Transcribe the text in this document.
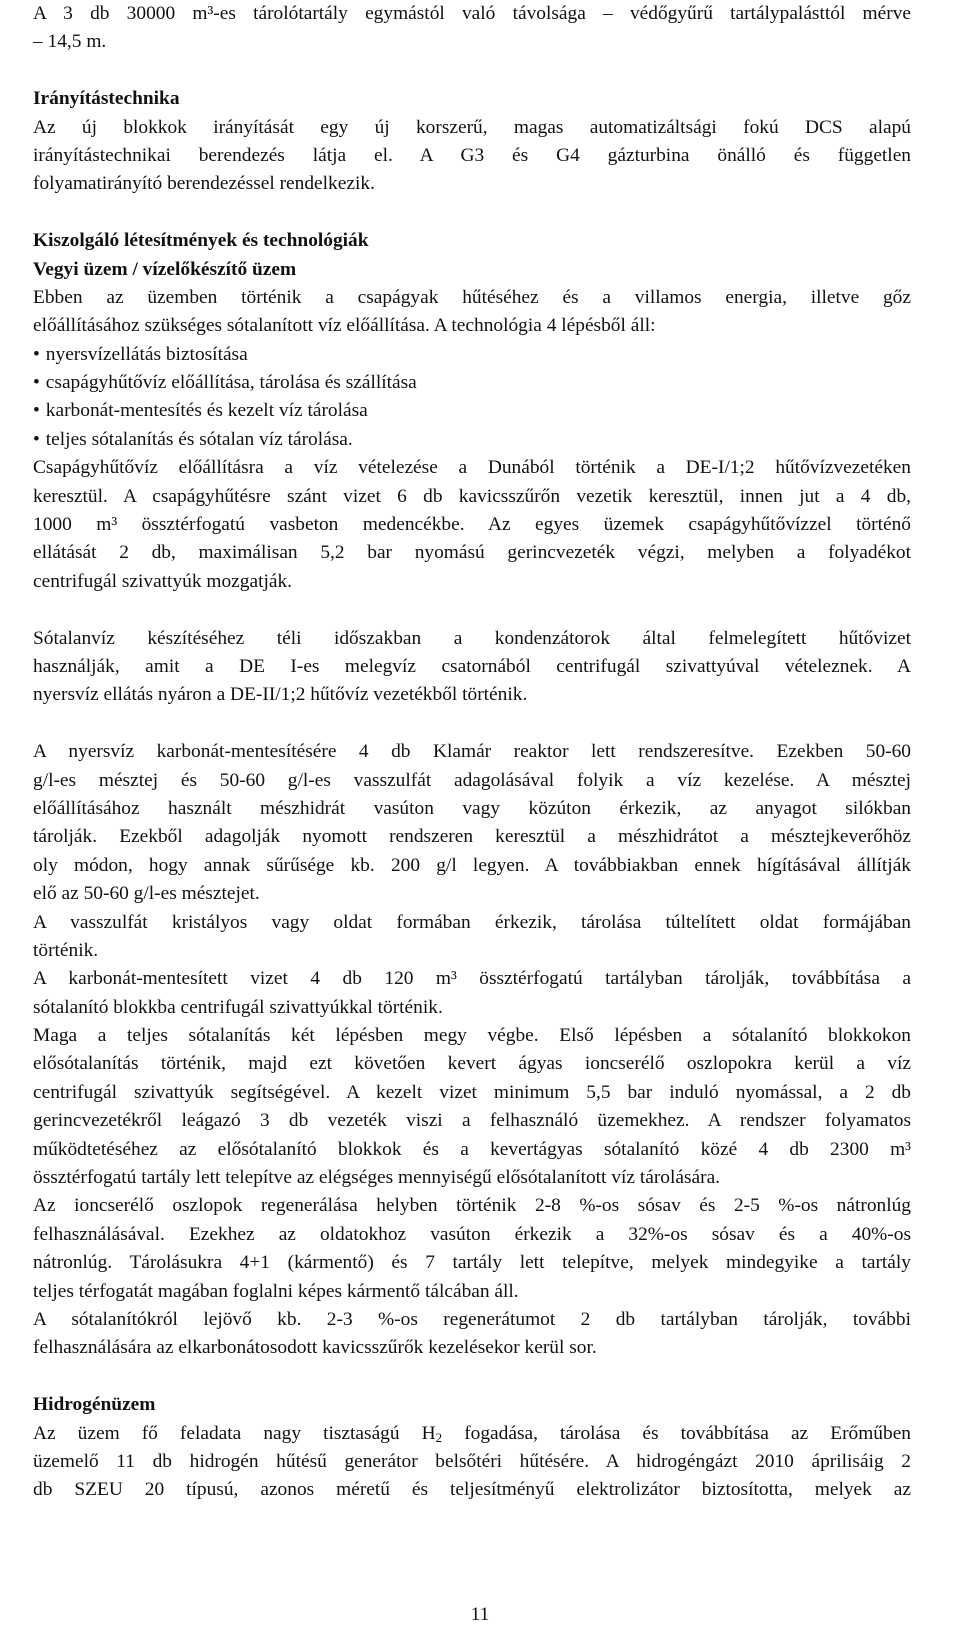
A 3 db 30000 m³-es tárolótartály egymástól való távolsága – védőgyűrű tartálypalásttól mérve
– 14,5 m.
Irányítástechnika
Az új blokkok irányítását egy új korszerű, magas automatizáltsági fokú DCS alapú
irányítástechnikai berendezés látja el. A G3 és G4 gázturbina önálló és független
folyamatirányító berendezéssel rendelkezik.
Kiszolgáló létesítmények és technológiák
Vegyi üzem / vízelőkészítő üzem
Ebben az üzemben történik a csapágyak hűtéséhez és a villamos energia, illetve gőz
előállításához szükséges sótalanított víz előállítása. A technológia 4 lépésből áll:
• nyersvízellátás biztosítása
• csapágyhűtővíz előállítása, tárolása és szállítása
• karbonát-mentesítés és kezelt víz tárolása
• teljes sótalanítás és sótalan víz tárolása.
Csapágyhűtővíz előállításra a víz vételezése a Dunából történik a DE-I/1;2 hűtővízvezetéken
keresztül. A csapágyhűtésre szánt vizet 6 db kavicsszűrőn vezetik keresztül, innen jut a 4 db,
1000 m³ össztérfogatú vasbeton medencékbe. Az egyes üzemek csapágyhűtővízzel történő
ellátását 2 db, maximálisan 5,2 bar nyomású gerincvezeték végzi, melyben a folyadékot
centrifugál szivattyúk mozgatják.
Sótalanvíz készítéséhez téli időszakban a kondenzátorok által felmelegített hűtővizet
használják, amit a DE I-es melegvíz csatornából centrifugál szivattyúval vételeznek. A
nyersvíz ellátás nyáron a DE-II/1;2 hűtővíz vezetékből történik.
A nyersvíz karbonát-mentesítésére 4 db Klamár reaktor lett rendszeresítve. Ezekben 50-60
g/l-es mésztej és 50-60 g/l-es vasszulfát adagolásával folyik a víz kezelése. A mésztej
előállításához használt mészhidrát vasúton vagy közúton érkezik, az anyagot silókban
tárolják. Ezekből adagolják nyomott rendszeren keresztül a mészhidrátot a mésztejkeverőhöz
oly módon, hogy annak sűrűsége kb. 200 g/l legyen. A továbbiakban ennek hígításával állítják
elő az 50-60 g/l-es mésztejet.
A vasszulfát kristályos vagy oldat formában érkezik, tárolása túltelített oldat formájában
történik.
A karbonát-mentesített vizet 4 db 120 m³ össztérfogatú tartályban tárolják, továbbítása a
sótalanító blokkba centrifugál szivattyúkkal történik.
Maga a teljes sótalanítás két lépésben megy végbe. Első lépésben a sótalanító blokkokon
elősótalanítás történik, majd ezt követően kevert ágyas ioncserélő oszlopokra kerül a víz
centrifugál szivattyúk segítségével. A kezelt vizet minimum 5,5 bar induló nyomással, a 2 db
gerincvezetékről leágazó 3 db vezeték viszi a felhasználó üzemekhez. A rendszer folyamatos
működtetéséhez az elősótalanító blokkok és a kevertágyas sótalanító közé 4 db 2300 m³
össztérfogatú tartály lett telepítve az elégséges mennyiségű elősótalanított víz tárolására.
Az ioncserélő oszlopok regenerálása helyben történik 2-8 %-os sósav és 2-5 %-os nátronlúg
felhasználásával. Ezekhez az oldatokhoz vasúton érkezik a 32%-os sósav és a 40%-os
nátronlúg. Tárolásukra 4+1 (kármentő) és 7 tartály lett telepítve, melyek mindegyike a tartály
teljes térfogatát magában foglalni képes kármentő tálcában áll.
A sótalanítókról lejövő kb. 2-3 %-os regenerátumot 2 db tartályban tárolják, további
felhasználására az elkarbonátosodott kavicsszűrők kezelésekor kerül sor.
Hidrogénüzem
Az üzem fő feladata nagy tisztaságú $H_2$ fogadása, tárolása és továbbítása az Erőműben
üzemelő 11 db hidrogén hűtésű generátor belsőtéri hűtésére. A hidrogéngázt 2010 áprilisáig 2
db SZEU 20 típusú, azonos méretű és teljesítményű elektrolizátor biztosította, melyek az
11
